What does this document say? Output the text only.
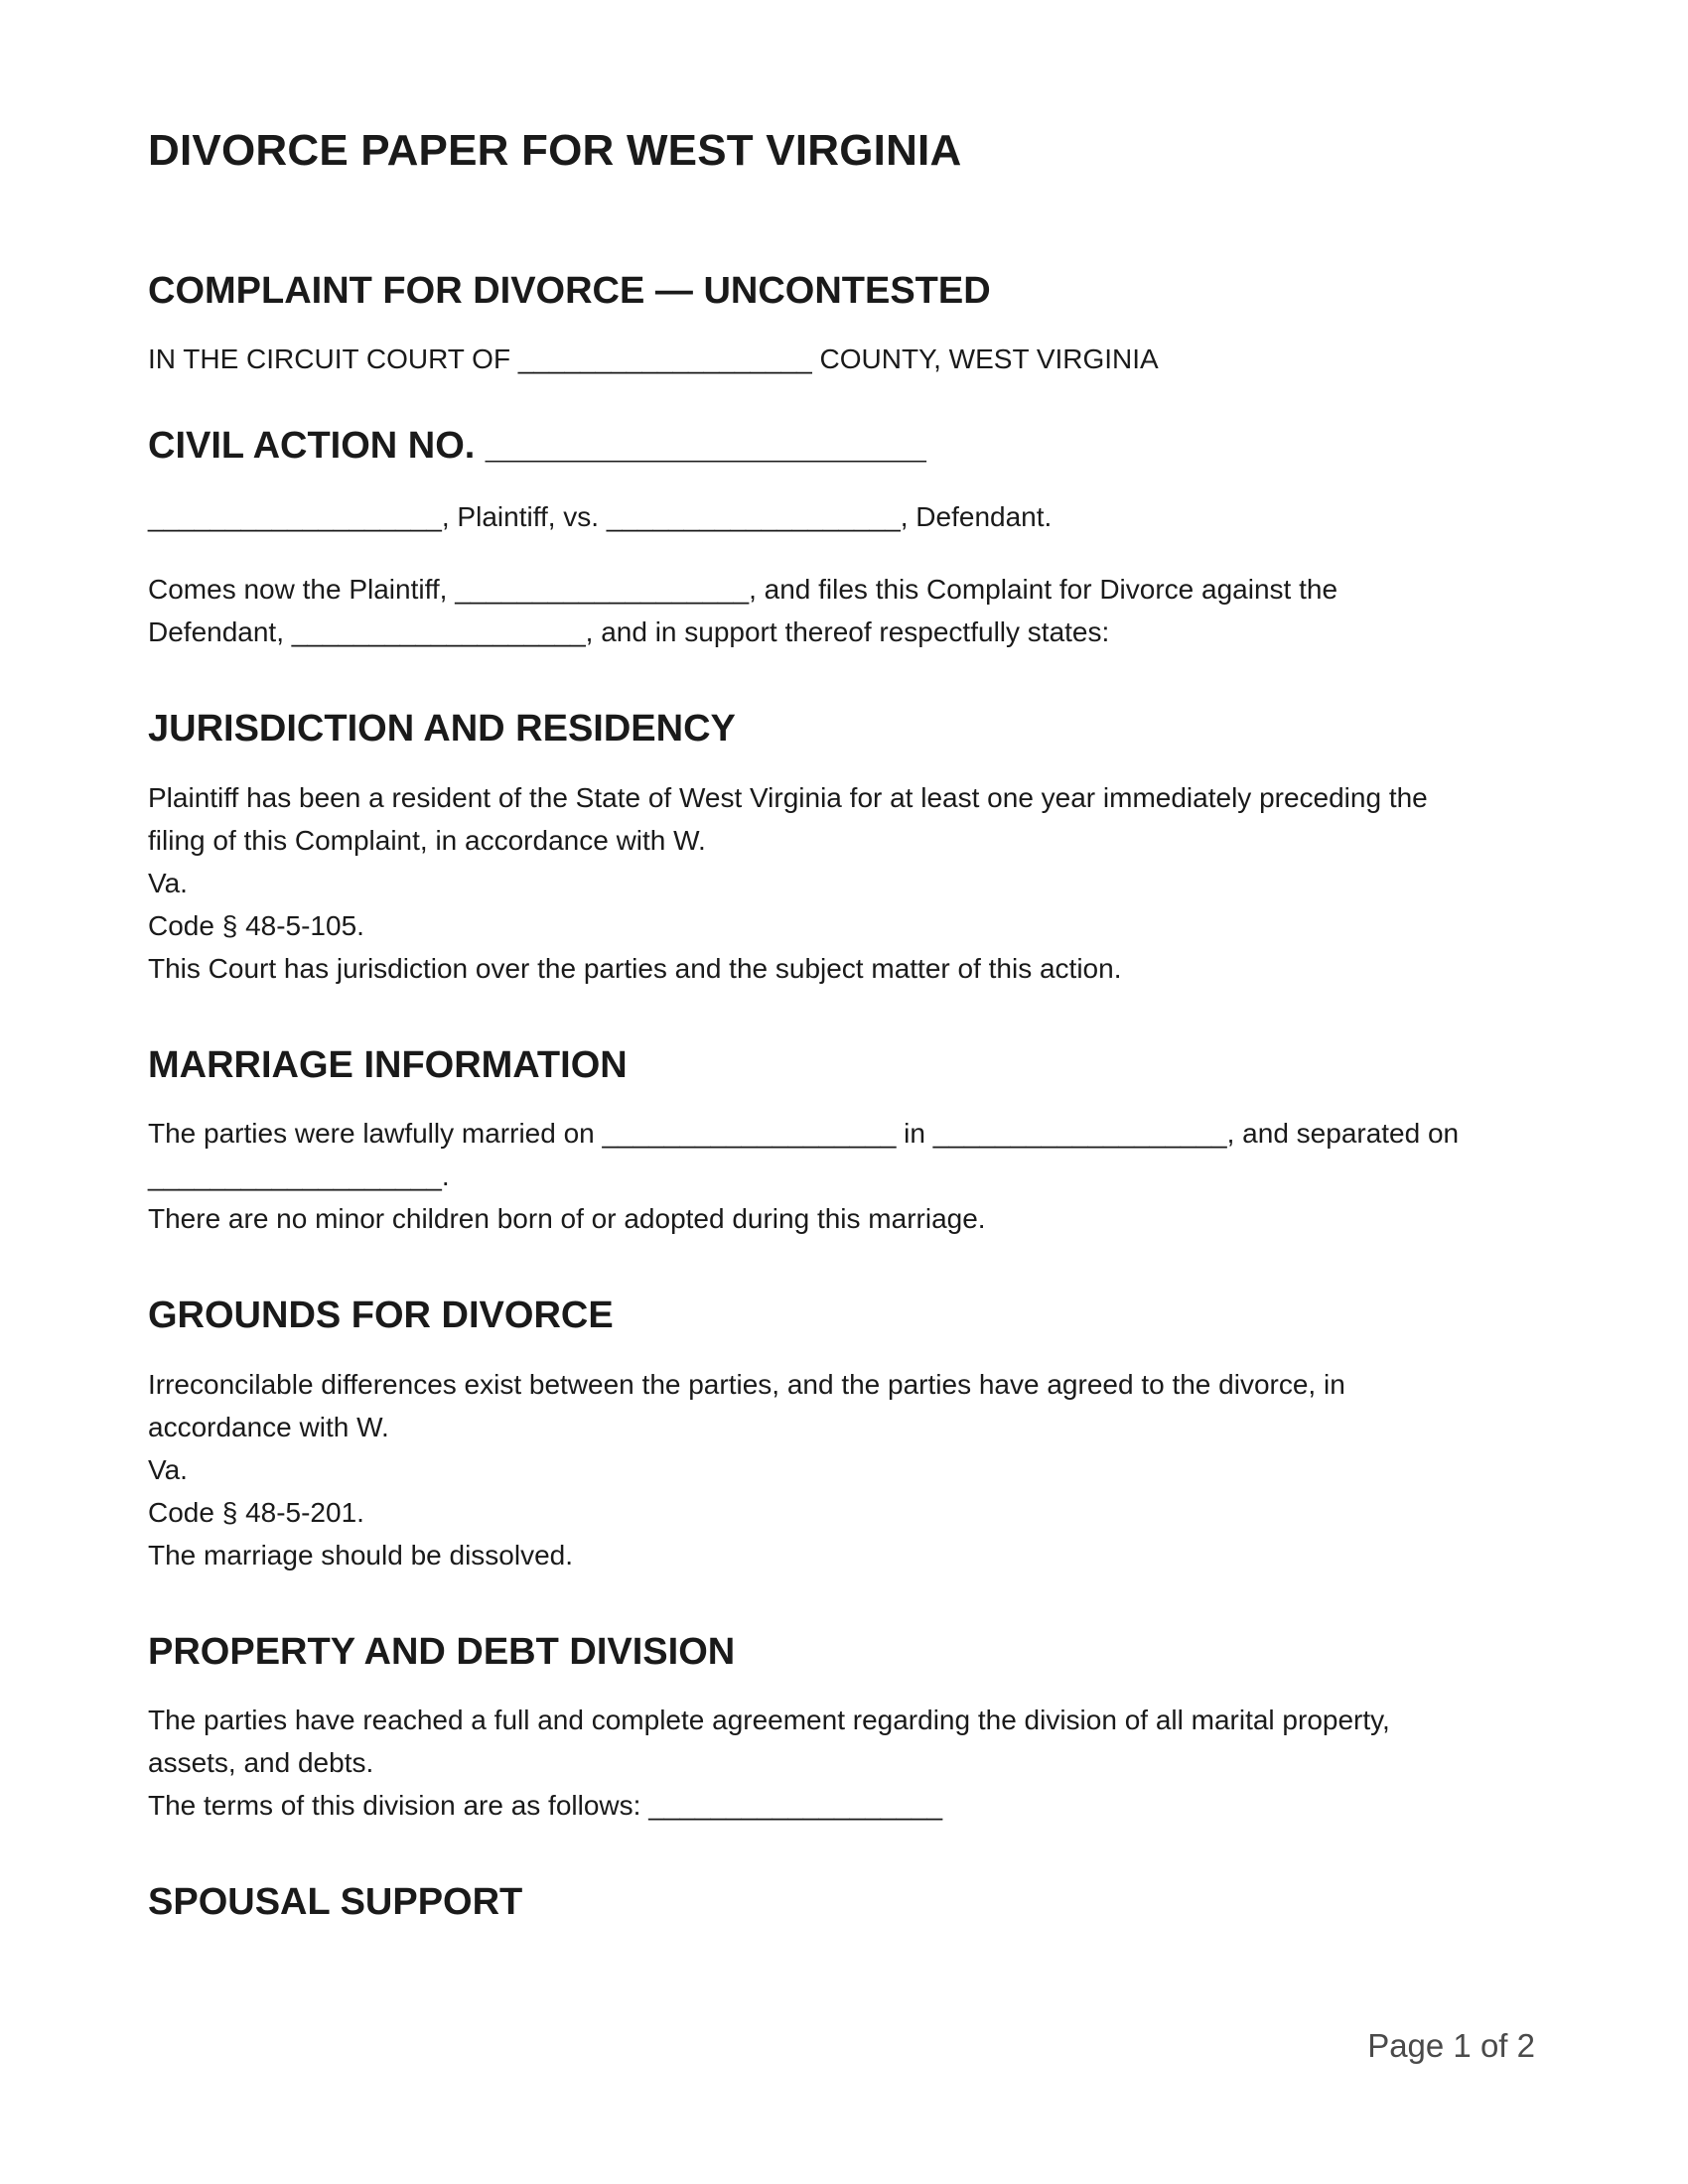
DIVORCE PAPER FOR WEST VIRGINIA
COMPLAINT FOR DIVORCE — UNCONTESTED
IN THE CIRCUIT COURT OF ___________________ COUNTY, WEST VIRGINIA
CIVIL ACTION NO. _____________________
___________________, Plaintiff, vs. ___________________, Defendant.
Comes now the Plaintiff, ___________________, and files this Complaint for Divorce against the
Defendant, ___________________, and in support thereof respectfully states:
JURISDICTION AND RESIDENCY
Plaintiff has been a resident of the State of West Virginia for at least one year immediately preceding the
filing of this Complaint, in accordance with W.
Va.
Code § 48-5-105.
This Court has jurisdiction over the parties and the subject matter of this action.
MARRIAGE INFORMATION
The parties were lawfully married on ___________________ in ___________________, and separated on
___________________.
There are no minor children born of or adopted during this marriage.
GROUNDS FOR DIVORCE
Irreconcilable differences exist between the parties, and the parties have agreed to the divorce, in
accordance with W.
Va.
Code § 48-5-201.
The marriage should be dissolved.
PROPERTY AND DEBT DIVISION
The parties have reached a full and complete agreement regarding the division of all marital property,
assets, and debts.
The terms of this division are as follows: ___________________
SPOUSAL SUPPORT
Page 1 of 2
